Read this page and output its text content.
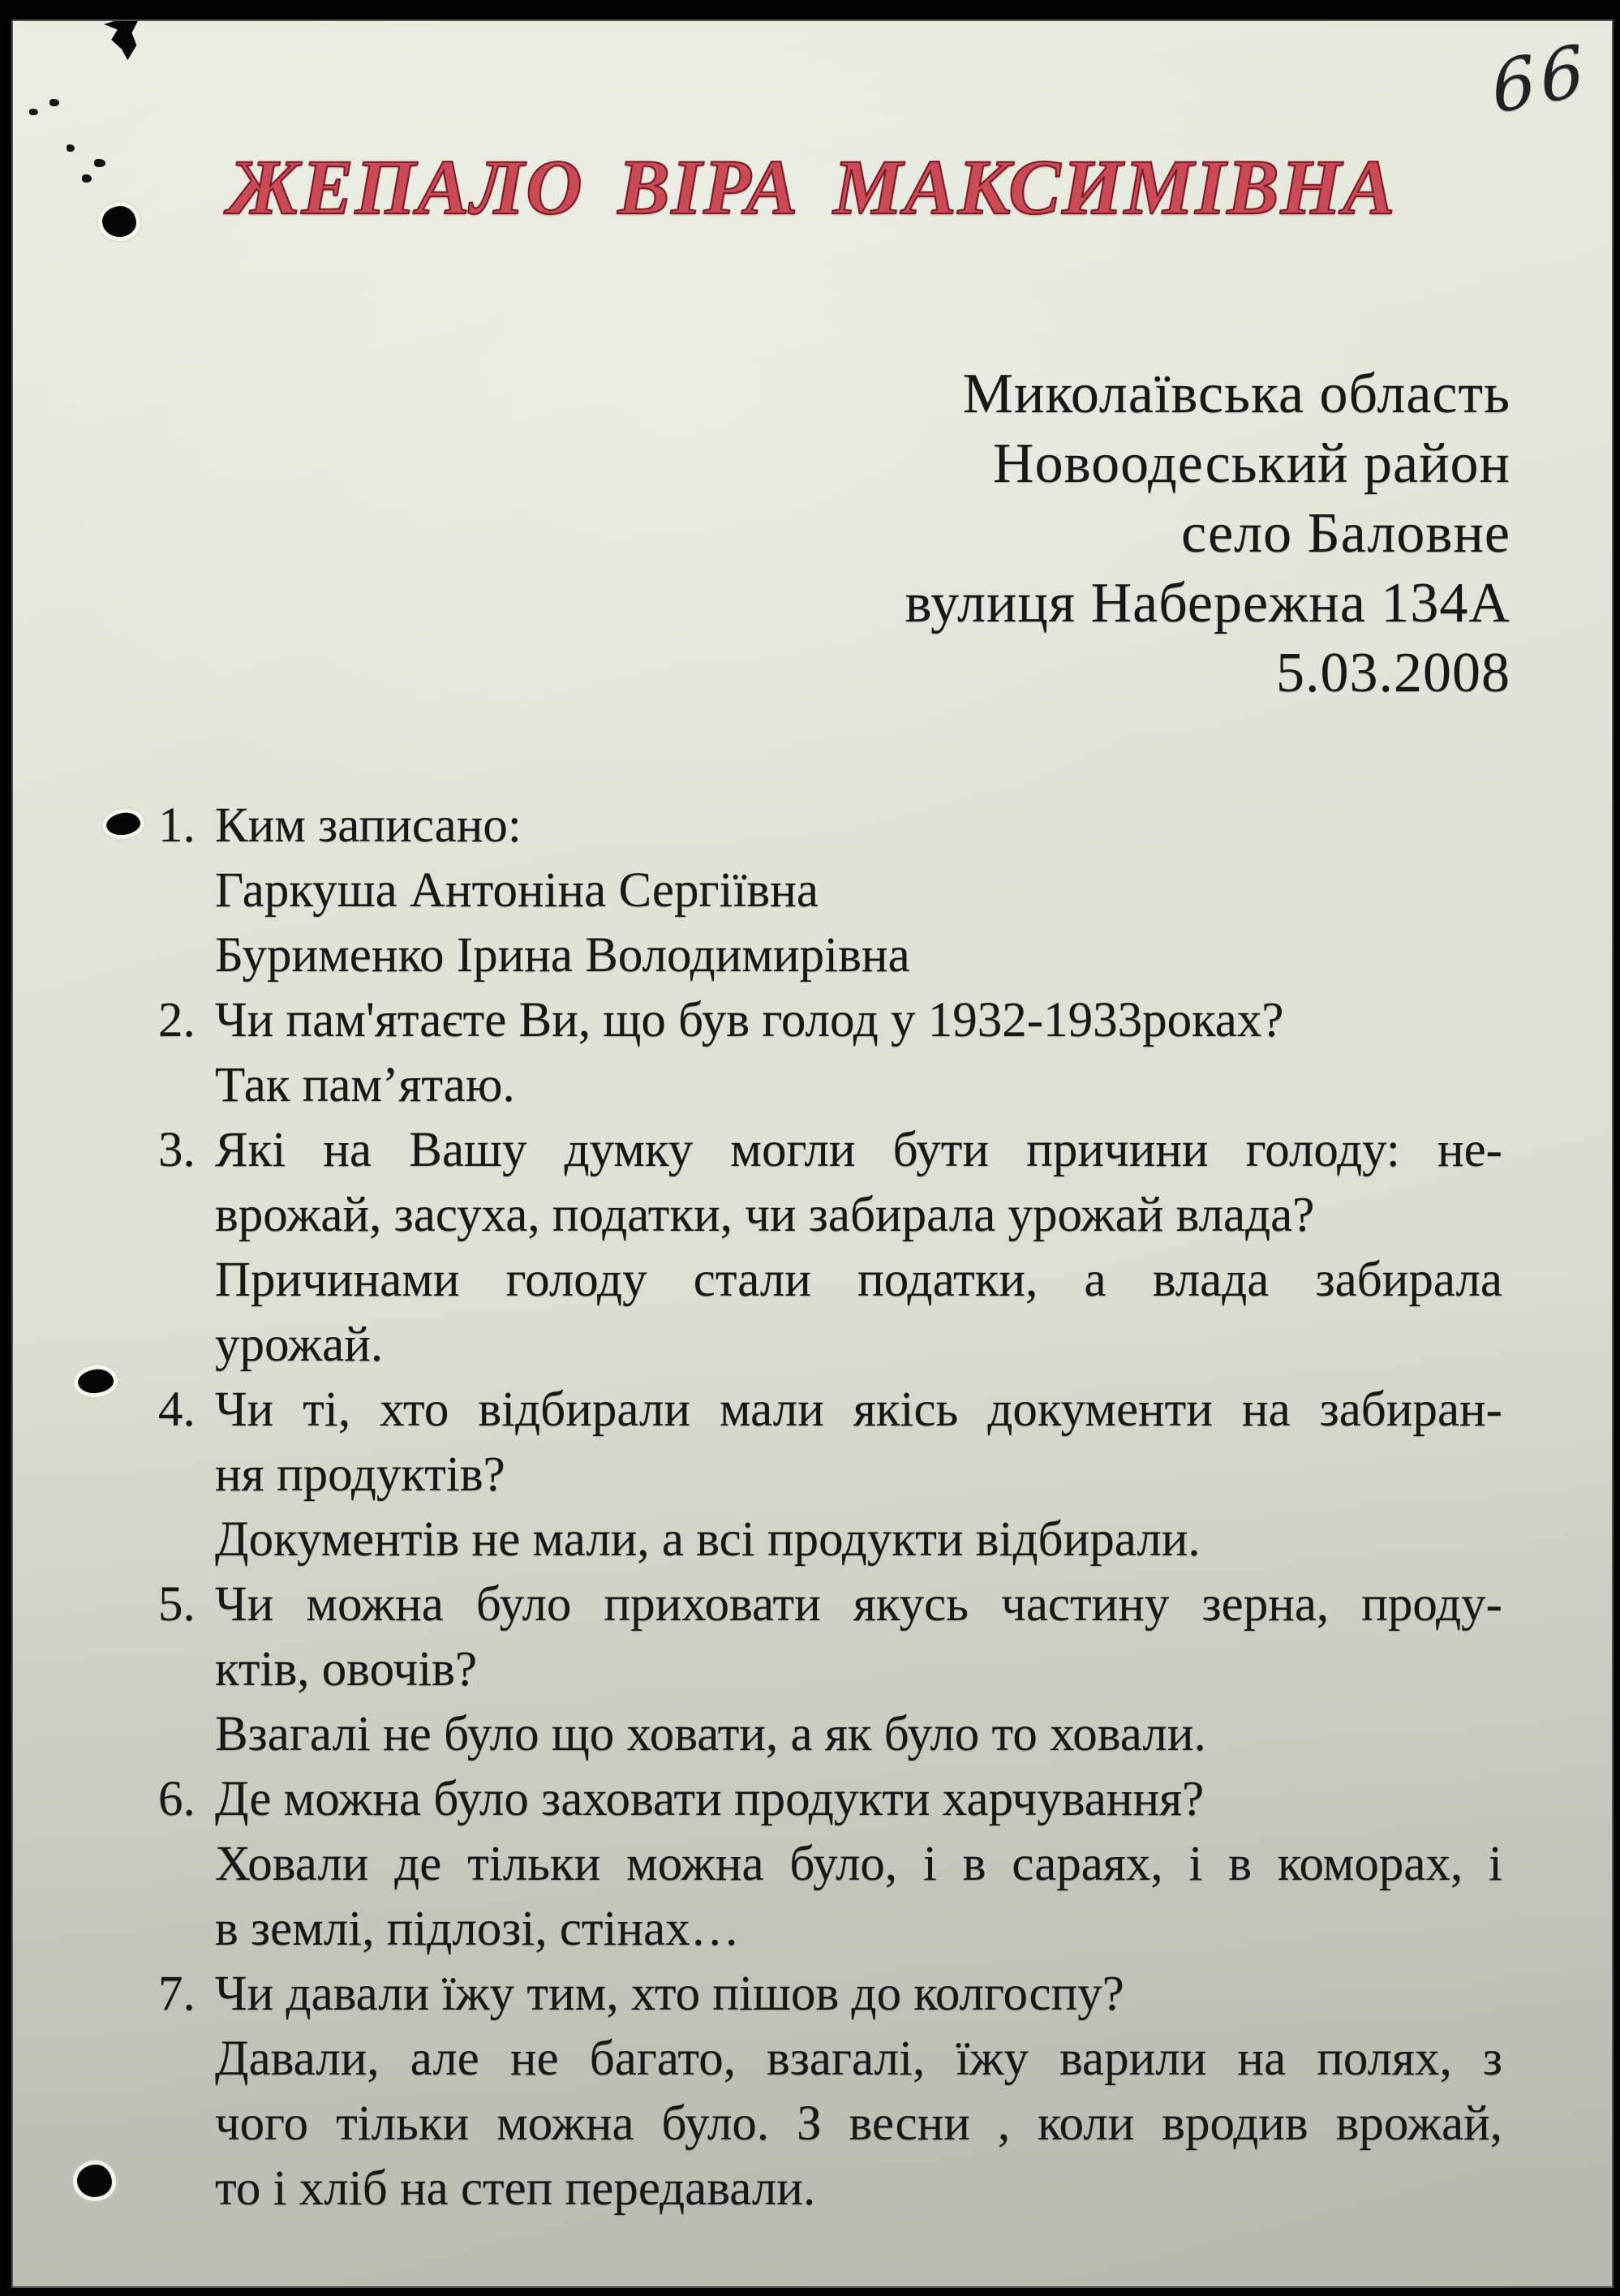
66
ЖЕПАЛО ВІРА МАКСИМІВНА
Миколаївська область
Новоодеський район
село Баловне
вулиця Набережна 134А
5.03.2008
1. Ким записано:
Гаркуша Антоніна Сергіївна
Бурименко Ірина Володимирівна
2. Чи пам'ятаєте Ви, що був голод у 1932-1933роках?
Так пам’ятаю.
3. Які на Вашу думку могли бути причини голоду: не-
врожай, засуха, податки, чи забирала урожай влада?
Причинами голоду стали податки, а влада забирала
урожай.
4. Чи ті, хто відбирали мали якісь документи на забиран-
ня продуктів?
Документів не мали, а всі продукти відбирали.
5. Чи можна було приховати якусь частину зерна, проду-
ктів, овочів?
Взагалі не було що ховати, а як було то ховали.
6. Де можна було заховати продукти харчування?
Ховали де тільки можна було, і в сараях, і в коморах, і
в землі, підлозі, стінах…
7. Чи давали їжу тим, хто пішов до колгоспу?
Давали, але не багато, взагалі, їжу варили на полях, з
чого тільки можна було. З весни , коли вродив врожай,
то і хліб на степ передавали.
